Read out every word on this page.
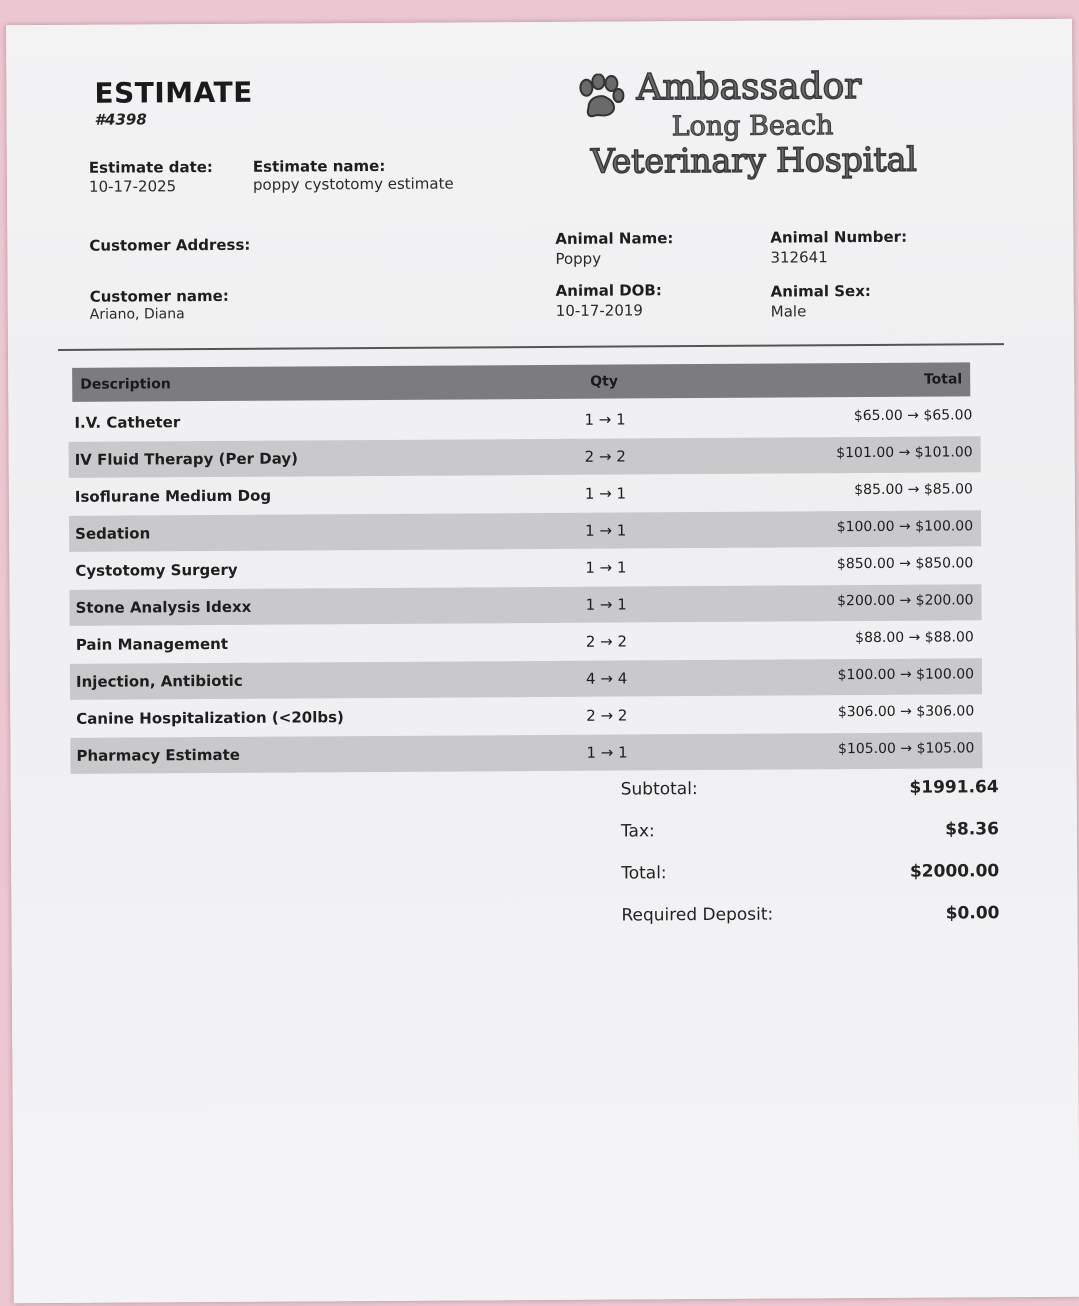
ESTIMATE
#4398
Estimate date:
10-17-2025
Estimate name:
poppy cystotomy estimate
Ambassador
Long Beach
Veterinary Hospital
Customer Address:
Customer name:
Ariano, Diana
Animal Name:
Poppy
Animal Number:
312641
Animal DOB:
10-17-2019
Animal Sex:
Male
Description	Qty	Total
I.V. Catheter	1 → 1	$65.00 → $65.00
IV Fluid Therapy (Per Day)	2 → 2	$101.00 → $101.00
Isoflurane Medium Dog	1 → 1	$85.00 → $85.00
Sedation	1 → 1	$100.00 → $100.00
Cystotomy Surgery	1 → 1	$850.00 → $850.00
Stone Analysis Idexx	1 → 1	$200.00 → $200.00
Pain Management	2 → 2	$88.00 → $88.00
Injection, Antibiotic	4 → 4	$100.00 → $100.00
Canine Hospitalization (<20lbs)	2 → 2	$306.00 → $306.00
Pharmacy Estimate	1 → 1	$105.00 → $105.00
Subtotal:	$1991.64
Tax:	$8.36
Total:	$2000.00
Required Deposit:	$0.00
